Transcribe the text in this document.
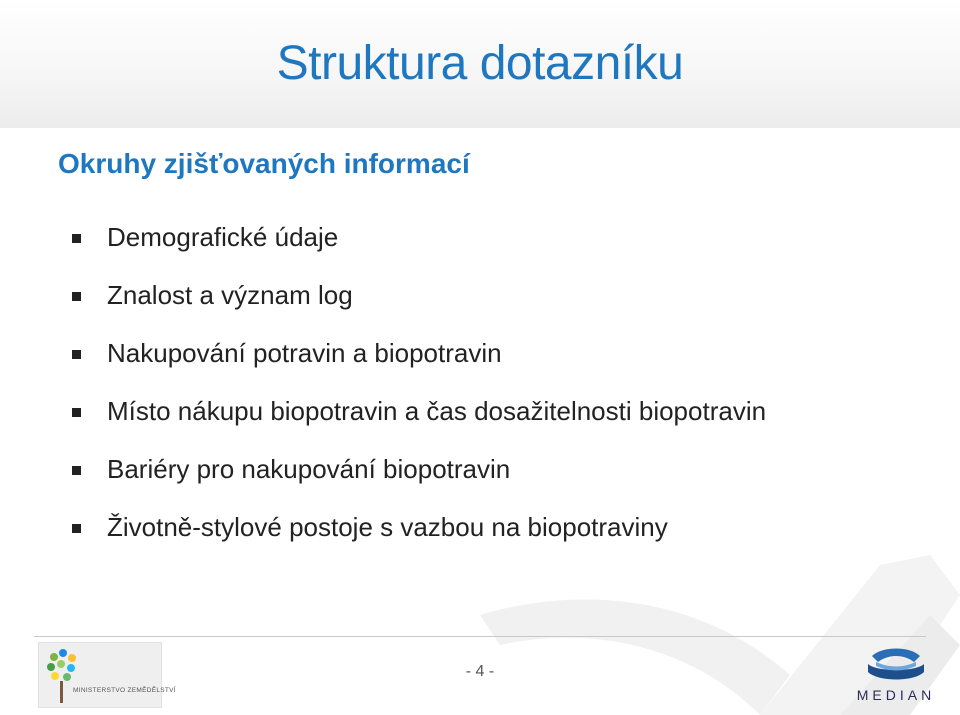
Struktura dotazníku
Okruhy zjišťovaných informací
Demografické údaje
Znalost a význam log
Nakupování potravin a biopotravin
Místo nákupu biopotravin a čas dosažitelnosti biopotravin
Bariéry pro nakupování biopotravin
Životně-stylové postoje s vazbou na biopotraviny
MINISTERSTVO ZEMĚDĚLSTVÍ
- 4 -
MEDIAN
